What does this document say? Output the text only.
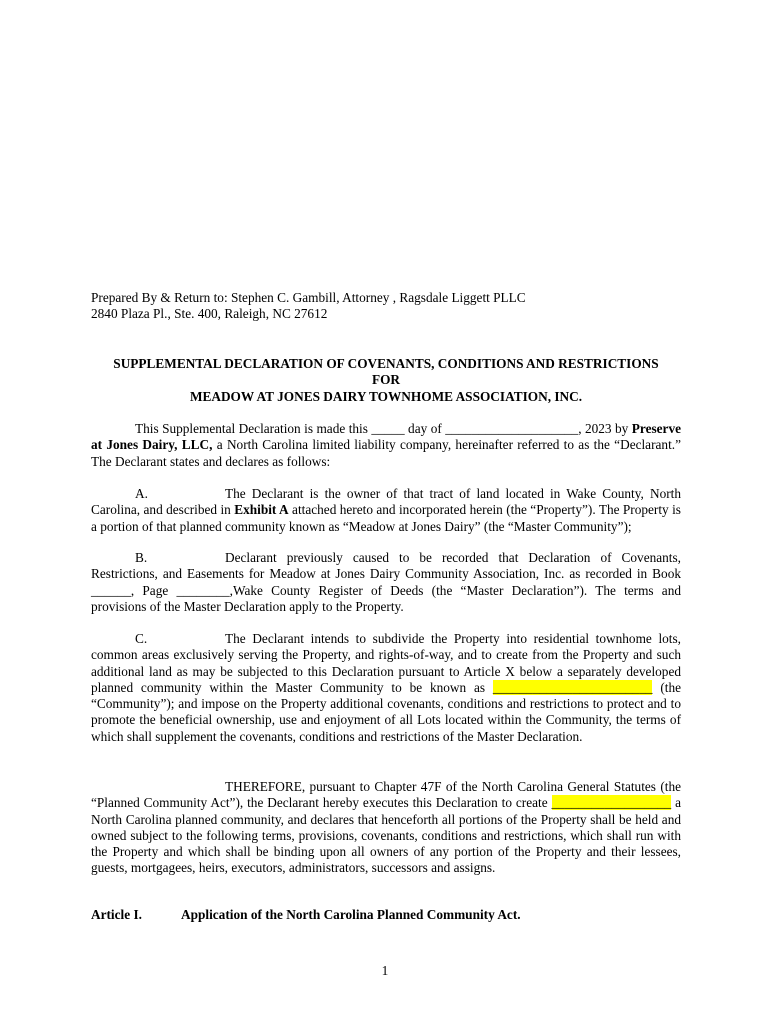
Prepared By & Return to: Stephen C. Gambill, Attorney , Ragsdale Liggett PLLC
2840 Plaza Pl., Ste. 400, Raleigh, NC 27612
SUPPLEMENTAL DECLARATION OF COVENANTS, CONDITIONS AND RESTRICTIONS
FOR
MEADOW AT JONES DAIRY TOWNHOME ASSOCIATION, INC.
This Supplemental Declaration is made this _____ day of ____________________, 2023 by Preserve at Jones Dairy, LLC, a North Carolina limited liability company, hereinafter referred to as the “Declarant.” The Declarant states and declares as follows:
A.	The Declarant is the owner of that tract of land located in Wake County, North Carolina, and described in Exhibit A attached hereto and incorporated herein (the “Property”). The Property is a portion of that planned community known as “Meadow at Jones Dairy” (the “Master Community”);
B.	Declarant previously caused to be recorded that Declaration of Covenants, Restrictions, and Easements for Meadow at Jones Dairy Community Association, Inc. as recorded in Book ______, Page ________,Wake County Register of Deeds (the “Master Declaration”). The terms and provisions of the Master Declaration apply to the Property.
C.	The Declarant intends to subdivide the Property into residential townhome lots, common areas exclusively serving the Property, and rights-of-way, and to create from the Property and such additional land as may be subjected to this Declaration pursuant to Article X below a separately developed planned community within the Master Community to be known as ________________________ (the “Community”); and impose on the Property additional covenants, conditions and restrictions to protect and to promote the beneficial ownership, use and enjoyment of all Lots located within the Community, the terms of which shall supplement the covenants, conditions and restrictions of the Master Declaration.
THEREFORE, pursuant to Chapter 47F of the North Carolina General Statutes (the “Planned Community Act”), the Declarant hereby executes this Declaration to create __________________ a North Carolina planned community, and declares that henceforth all portions of the Property shall be held and owned subject to the following terms, provisions, covenants, conditions and restrictions, which shall run with the Property and which shall be binding upon all owners of any portion of the Property and their lessees, guests, mortgagees, heirs, executors, administrators, successors and assigns.
Article I.	Application of the North Carolina Planned Community Act.
1
